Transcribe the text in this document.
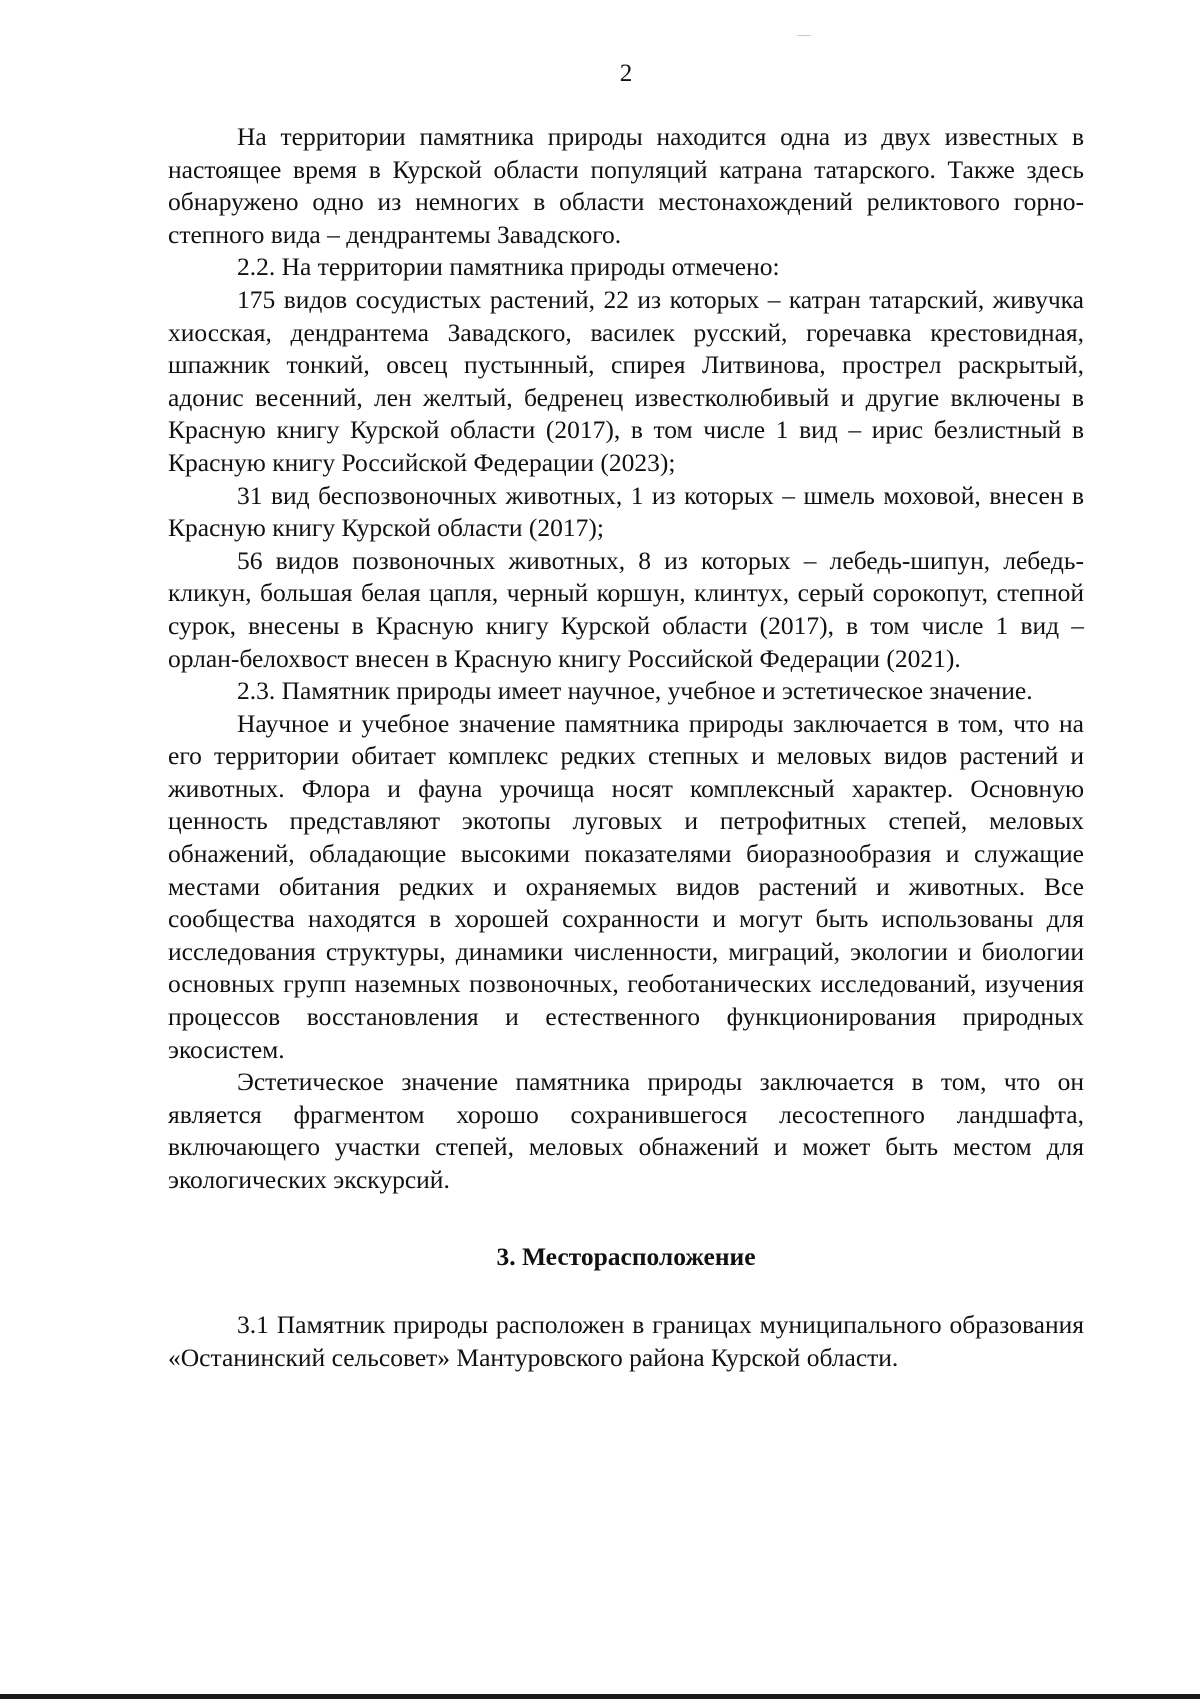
2

На территории памятника природы находится одна из двух известных в настоящее время в Курской области популяций катрана татарского. Также здесь обнаружено одно из немногих в области местонахождений реликтового горно-степного вида – дендрантемы Завадского.

2.2. На территории памятника природы отмечено:

175 видов сосудистых растений, 22 из которых – катран татарский, живучка хиосская, дендрантема Завадского, василек русский, горечавка крестовидная, шпажник тонкий, овсец пустынный, спирея Литвинова, прострел раскрытый, адонис весенний, лен желтый, бедренец известколюбивый и другие включены в Красную книгу Курской области (2017), в том числе 1 вид – ирис безлистный в Красную книгу Российской Федерации (2023);

31 вид беспозвоночных животных, 1 из которых – шмель моховой, внесен в Красную книгу Курской области (2017);

56 видов позвоночных животных, 8 из которых – лебедь-шипун, лебедь-кликун, большая белая цапля, черный коршун, клинтух, серый сорокопут, степной сурок, внесены в Красную книгу Курской области (2017), в том числе 1 вид – орлан-белохвост внесен в Красную книгу Российской Федерации (2021).

2.3. Памятник природы имеет научное, учебное и эстетическое значение.

Научное и учебное значение памятника природы заключается в том, что на его территории обитает комплекс редких степных и меловых видов растений и животных. Флора и фауна урочища носят комплексный характер. Основную ценность представляют экотопы луговых и петрофитных степей, меловых обнажений, обладающие высокими показателями биоразнообразия и служащие местами обитания редких и охраняемых видов растений и животных. Все сообщества находятся в хорошей сохранности и могут быть использованы для исследования структуры, динамики численности, миграций, экологии и биологии основных групп наземных позвоночных, геоботанических исследований, изучения процессов восстановления и естественного функционирования природных экосистем.

Эстетическое значение памятника природы заключается в том, что он является фрагментом хорошо сохранившегося лесостепного ландшафта, включающего участки степей, меловых обнажений и может быть местом для экологических экскурсий.

3. Месторасположение

3.1 Памятник природы расположен в границах муниципального образования «Останинский сельсовет» Мантуровского района Курской области.
